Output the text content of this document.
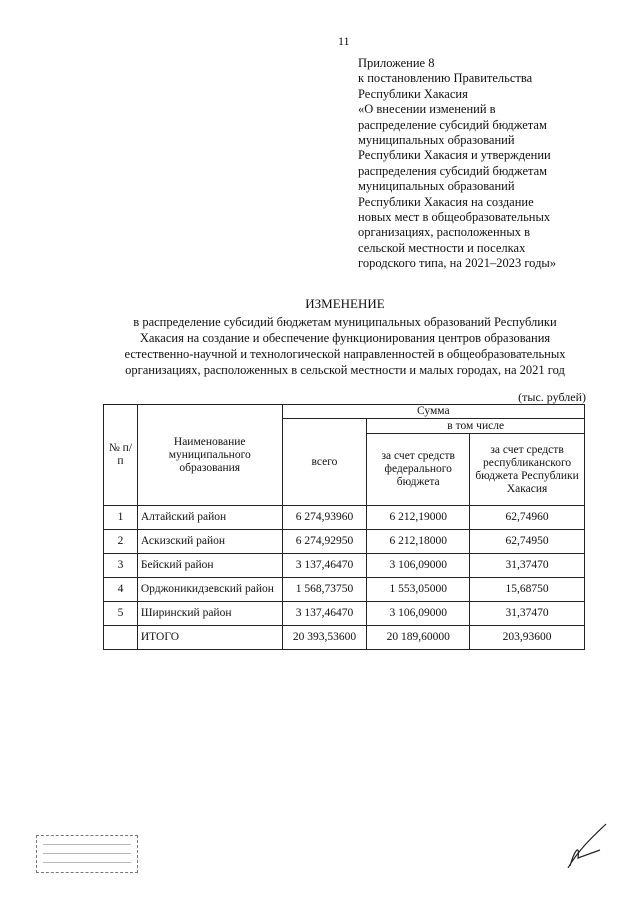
11
Приложение 8
к постановлению Правительства
Республики Хакасия
«О внесении изменений в
распределение субсидий бюджетам
муниципальных образований
Республики Хакасия и утверждении
распределения субсидий бюджетам
муниципальных образований
Республики Хакасия на создание
новых мест в общеобразовательных
организациях, расположенных в
сельской местности и поселках
городского типа, на 2021–2023 годы»
ИЗМЕНЕНИЕ
в распределение субсидий бюджетам муниципальных образований Республики
Хакасия на создание и обеспечение функционирования центров образования
естественно-научной и технологической направленностей в общеобразовательных
организациях, расположенных в сельской местности и малых городах, на 2021 год
(тыс. рублей)
№ п/п	Наименование муниципального образования	Сумма		
		всего	в том числе	
			за счет средств федерального бюджета	за счет средств республиканского бюджета Республики Хакасия
1	Алтайский район	6 274,93960	6 212,19000	62,74960
2	Аскизский район	6 274,92950	6 212,18000	62,74950
3	Бейский район	3 137,46470	3 106,09000	31,37470
4	Орджоникидзевский район	1 568,73750	1 553,05000	15,68750
5	Ширинский район	3 137,46470	3 106,09000	31,37470
	ИТОГО	20 393,53600	20 189,60000	203,93600
